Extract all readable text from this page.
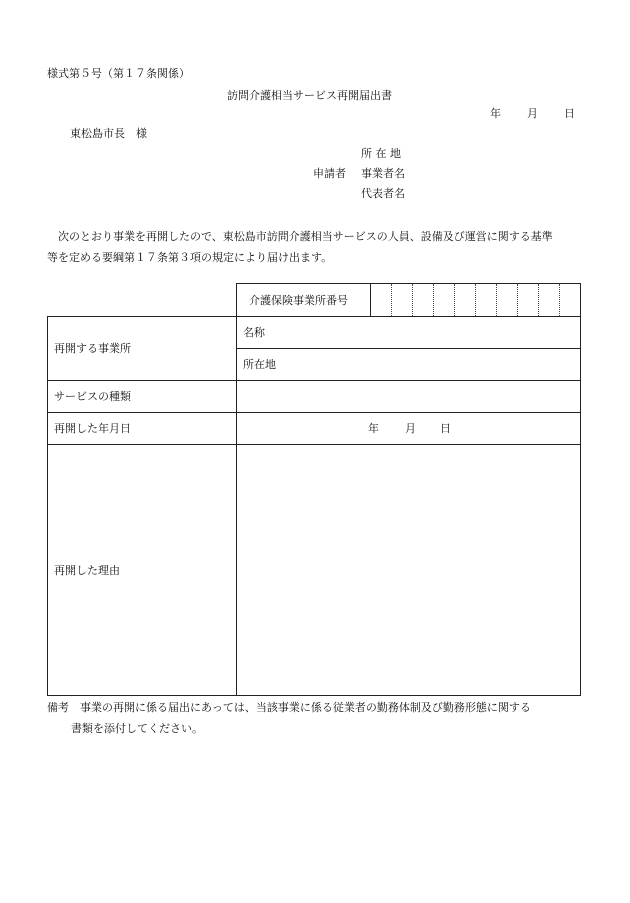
様式第５号（第１７条関係）
訪問介護相当サービス再開届出書
年 月 日
東松島市長　様
所 在 地
申請者 事業者名
代表者名

次のとおり事業を再開したので、東松島市訪問介護相当サービスの人員、設備及び運営に関する基準

等を定める要綱第１７条第３項の規定により届け出ます。

介護保険事業所番号

再開する事業所	名称
	所在地
サービスの種類	
再開した年月日	年 月 日

再開した理由	
備考　事業の再開に係る届出にあっては、当該事業に係る従業者の勤務体制及び勤務形態に関する
書類を添付してください。
